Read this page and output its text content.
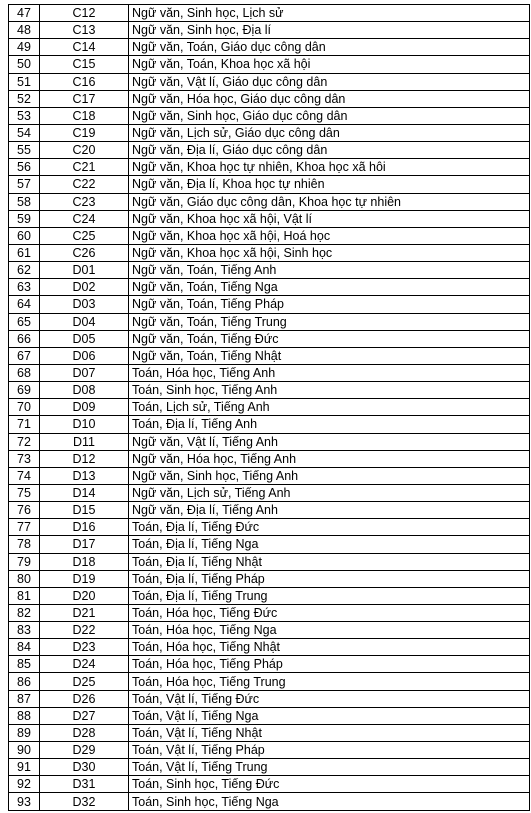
47	C12	Ngữ văn, Sinh học, Lịch sử
48	C13	Ngữ văn, Sinh học, Địa lí
49	C14	Ngữ văn, Toán, Giáo dục công dân
50	C15	Ngữ văn, Toán, Khoa học xã hội
51	C16	Ngữ văn, Vật lí, Giáo dục công dân
52	C17	Ngữ văn, Hóa học, Giáo dục công dân
53	C18	Ngữ văn, Sinh học, Giáo dục công dân
54	C19	Ngữ văn, Lịch sử, Giáo dục công dân
55	C20	Ngữ văn, Địa lí, Giáo dục công dân
56	C21	Ngữ văn, Khoa học tự nhiên, Khoa học xã hôi
57	C22	Ngữ văn, Địa lí, Khoa học tự nhiên
58	C23	Ngữ văn, Giáo dục công dân, Khoa học tự nhiên
59	C24	Ngữ văn, Khoa học xã hội, Vật lí
60	C25	Ngữ văn, Khoa học xã hội, Hoá học
61	C26	Ngữ văn, Khoa học xã hội, Sinh học
62	D01	Ngữ văn, Toán, Tiếng Anh
63	D02	Ngữ văn, Toán, Tiếng Nga
64	D03	Ngữ văn, Toán, Tiếng Pháp
65	D04	Ngữ văn, Toán, Tiếng Trung
66	D05	Ngữ văn, Toán, Tiếng Đức
67	D06	Ngữ văn, Toán, Tiếng Nhật
68	D07	Toán, Hóa học, Tiếng Anh
69	D08	Toán, Sinh học, Tiếng Anh
70	D09	Toán, Lịch sử, Tiếng Anh
71	D10	Toán, Địa lí, Tiếng Anh
72	D11	Ngữ văn, Vật lí, Tiếng Anh
73	D12	Ngữ văn, Hóa học, Tiếng Anh
74	D13	Ngữ văn, Sinh học, Tiếng Anh
75	D14	Ngữ văn, Lịch sử, Tiếng Anh
76	D15	Ngữ văn, Địa lí, Tiếng Anh
77	D16	Toán, Địa lí, Tiếng Đức
78	D17	Toán, Địa lí, Tiếng Nga
79	D18	Toán, Địa lí, Tiếng Nhật
80	D19	Toán, Địa lí, Tiếng Pháp
81	D20	Toán, Địa lí, Tiếng Trung
82	D21	Toán, Hóa học, Tiếng Đức
83	D22	Toán, Hóa học, Tiếng Nga
84	D23	Toán, Hóa học, Tiếng Nhật
85	D24	Toán, Hóa học, Tiếng Pháp
86	D25	Toán, Hóa học, Tiếng Trung
87	D26	Toán, Vật lí, Tiếng Đức
88	D27	Toán, Vật lí, Tiếng Nga
89	D28	Toán, Vật lí, Tiếng Nhật
90	D29	Toán, Vật lí, Tiếng Pháp
91	D30	Toán, Vật lí, Tiếng Trung
92	D31	Toán, Sinh học, Tiếng Đức
93	D32	Toán, Sinh học, Tiếng Nga
